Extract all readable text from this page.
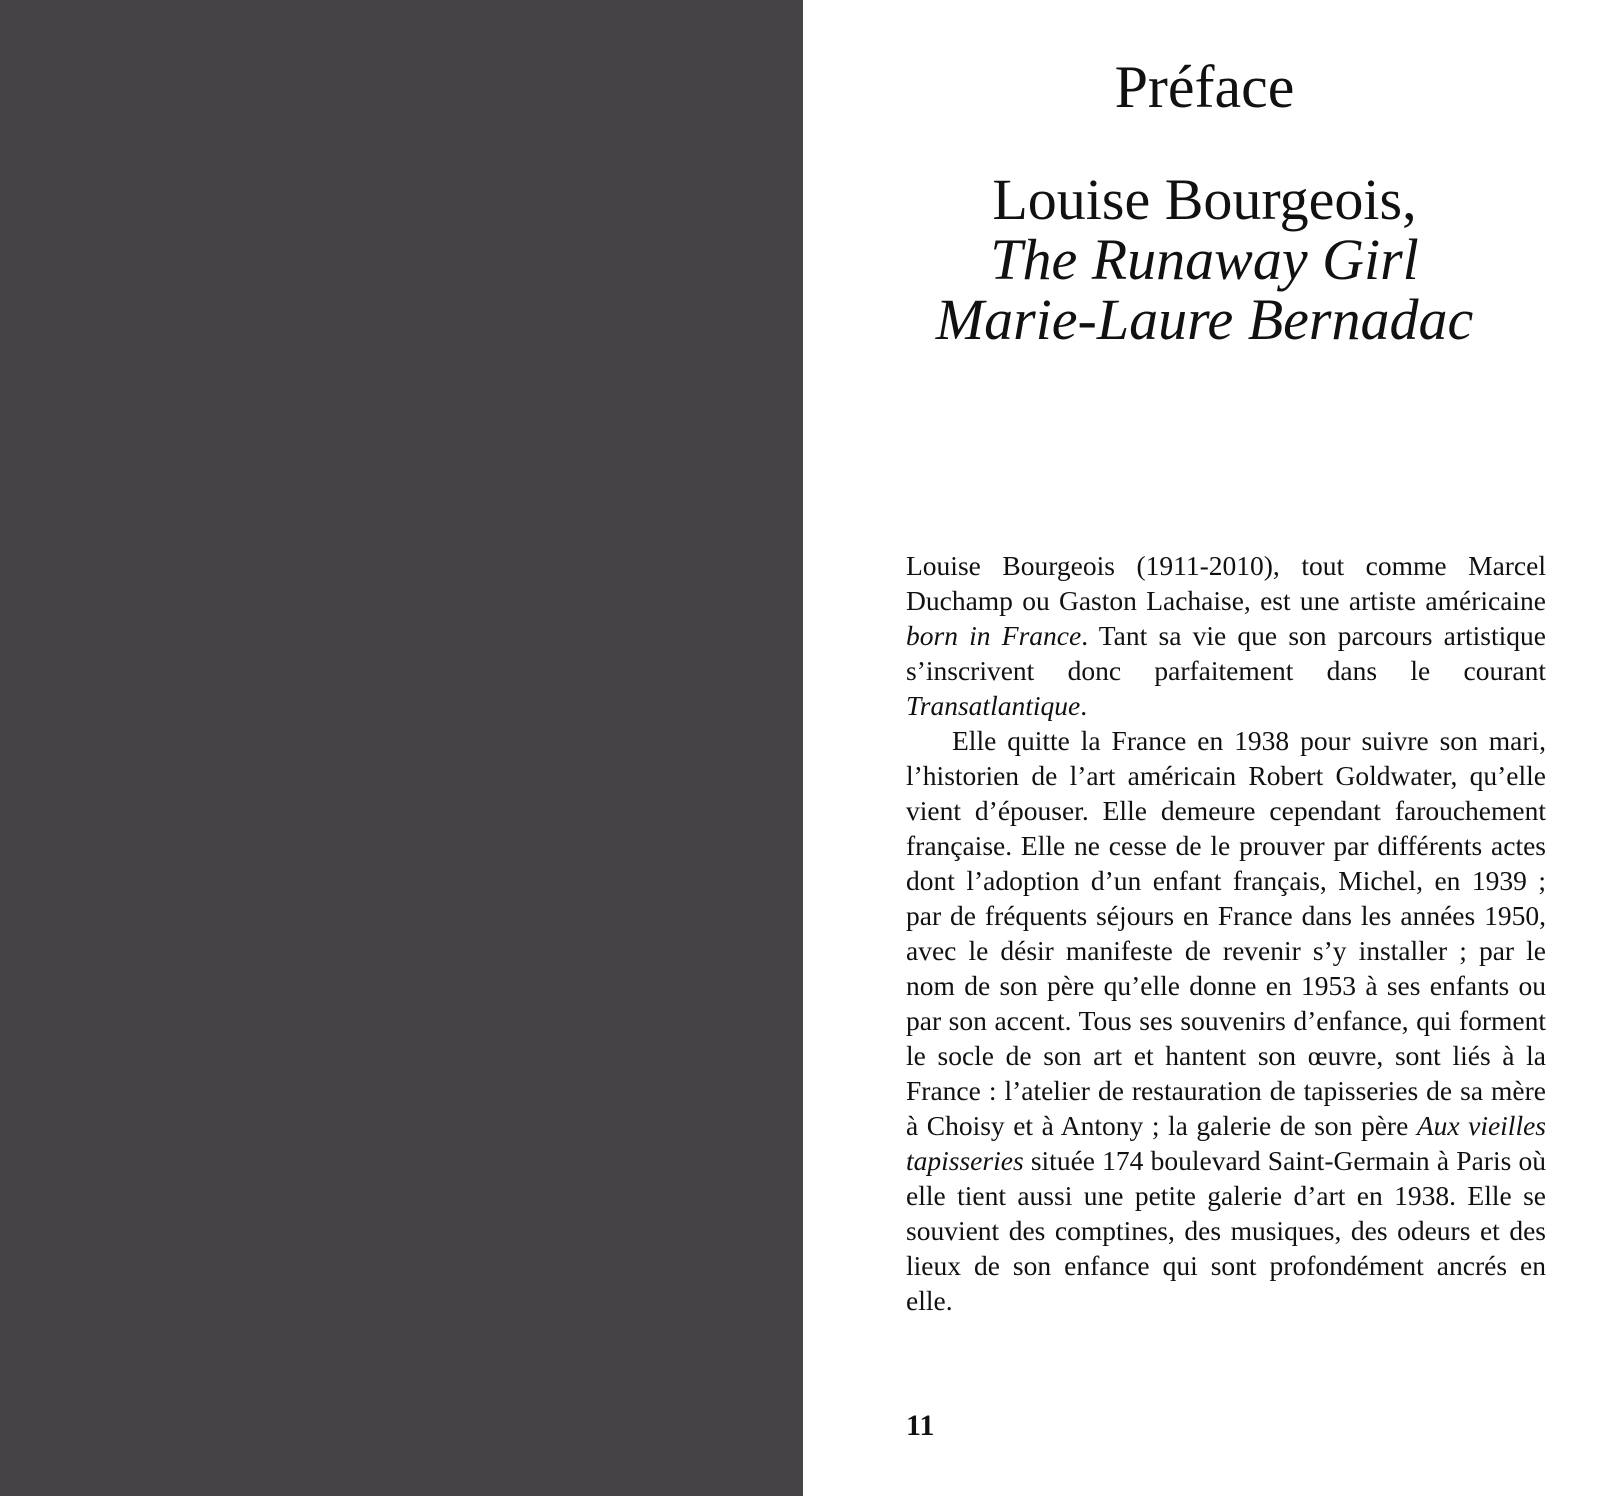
Préface
Louise Bourgeois,
The Runaway Girl
Marie-Laure Bernadac

Louise Bourgeois (1911-2010), tout comme Marcel Duchamp ou Gaston Lachaise, est une artiste américaine born in France. Tant sa vie que son parcours artistique s’inscrivent donc parfaitement dans le courant Transatlantique.

Elle quitte la France en 1938 pour suivre son mari, l’historien de l’art américain Robert Goldwater, qu’elle vient d’épouser. Elle demeure cependant farouchement française. Elle ne cesse de le prouver par différents actes dont l’adoption d’un enfant français, Michel, en 1939 ; par de fréquents séjours en France dans les années 1950, avec le désir manifeste de revenir s’y installer ; par le nom de son père qu’elle donne en 1953 à ses enfants ou par son accent. Tous ses souvenirs d’enfance, qui forment le socle de son art et hantent son œuvre, sont liés à la France : l’atelier de restauration de tapisseries de sa mère à Choisy et à Antony ; la galerie de son père Aux vieilles tapisseries située 174 boulevard Saint-Germain à Paris où elle tient aussi une petite galerie d’art en 1938. Elle se souvient des comptines, des musiques, des odeurs et des lieux de son enfance qui sont profondément ancrés en elle.

11
